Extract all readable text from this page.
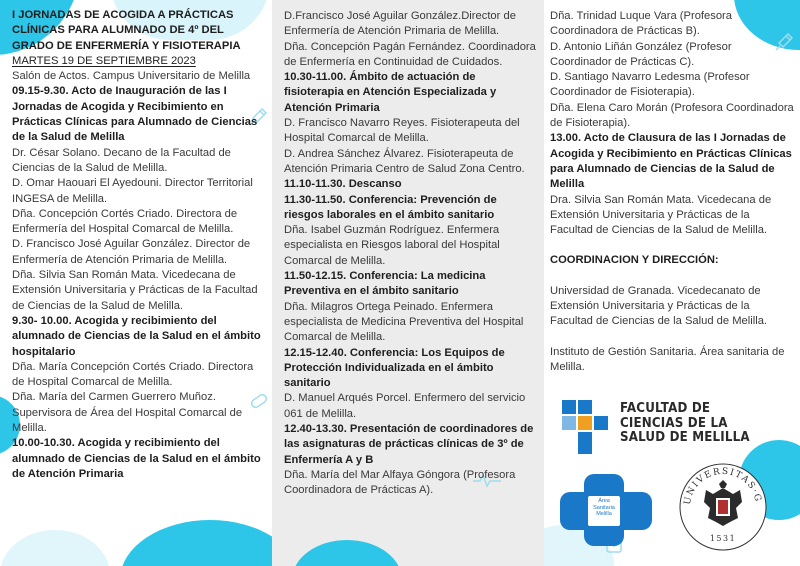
I JORNADAS DE ACOGIDA A PRÁCTICAS CLÍNICAS PARA ALUMNADO DE 4º DEL GRADO DE ENFERMERÍA Y FISIOTERAPIA
MARTES 19 DE SEPTIEMBRE 2023
Salón de Actos. Campus Universitario de Melilla
09.15-9.30. Acto de Inauguración de las I Jornadas de Acogida y Recibimiento en Prácticas Clínicas para Alumnado de Ciencias de la Salud de Melilla
Dr. César Solano. Decano de la Facultad de Ciencias de la Salud de Melilla.
D. Omar Haouari El Ayedouni. Director Territorial INGESA de Melilla.
Dña. Concepción Cortés Criado. Directora de Enfermería del Hospital Comarcal de Melilla.
D. Francisco José Aguilar González. Director de Enfermería de Atención Primaria de Melilla.
Dña. Silvia San Román Mata. Vicedecana de Extensión Universitaria y Prácticas de la Facultad de Ciencias de la Salud de Melilla.
9.30- 10.00. Acogida y recibimiento del alumnado de Ciencias de la Salud en el ámbito hospitalario
Dña. María Concepción Cortés Criado. Directora de Hospital Comarcal de Melilla.
Dña. María del Carmen Guerrero Muñoz. Supervisora de Área del Hospital Comarcal de Melilla.
10.00-10.30. Acogida y recibimiento del alumnado de Ciencias de la Salud en el ámbito de Atención Primaria
D.Francisco José Aguilar González.Director de Enfermería de Atención Primaria de Melilla.
Dña. Concepción Pagán Fernández. Coordinadora de Enfermería en Continuidad de Cuidados.
10.30-11.00. Ámbito de actuación de fisioterapia en Atención Especializada y Atención Primaria
D. Francisco Navarro Reyes. Fisioterapeuta del Hospital Comarcal de Melilla.
D. Andrea Sánchez Álvarez. Fisioterapeuta de Atención Primaria Centro de Salud Zona Centro.
11.10-11.30. Descanso
11.30-11.50. Conferencia: Prevención de riesgos laborales en el ámbito sanitario
Dña. Isabel Guzmán Rodríguez. Enfermera especialista en Riesgos laboral del Hospital Comarcal de Melilla.
11.50-12.15. Conferencia: La medicina Preventiva en el ámbito sanitario
Dña. Milagros Ortega Peinado. Enfermera especialista de Medicina Preventiva del Hospital Comarcal de Melilla.
12.15-12.40. Conferencia: Los Equipos de Protección Individualizada en el ámbito sanitario
D. Manuel Arqués Porcel. Enfermero del servicio 061 de Melilla.
12.40-13.30. Presentación de coordinadores de las asignaturas de prácticas clínicas de 3º de Enfermería A y B
Dña. María del Mar Alfaya Góngora (Profesora Coordinadora de Prácticas A).
Dña. Trinidad Luque Vara (Profesora Coordinadora de Prácticas B).
D. Antonio Liñán González (Profesor Coordinador de Prácticas C).
D. Santiago Navarro Ledesma (Profesor Coordinador de Fisioterapia).
Dña. Elena Caro Morán (Profesora Coordinadora de Fisioterapia).
13.00. Acto de Clausura de las I Jornadas de Acogida y Recibimiento en Prácticas Clínicas para Alumnado de Ciencias de la Salud de Melilla
Dra. Silvia San Román Mata. Vicedecana de Extensión Universitaria y Prácticas de la Facultad de Ciencias de la Salud de Melilla.
COORDINACION Y DIRECCIÓN:
Universidad de Granada. Vicedecanato de Extensión Universitaria y Prácticas de la Facultad de Ciencias de la Salud de Melilla.
Instituto de Gestión Sanitaria. Área sanitaria de Melilla.
FACULTAD DE
CIENCIAS DE LA
SALUD DE MELILLA
Área
Sanitaria
Melilla
UNIVERSITAS·G
1531
